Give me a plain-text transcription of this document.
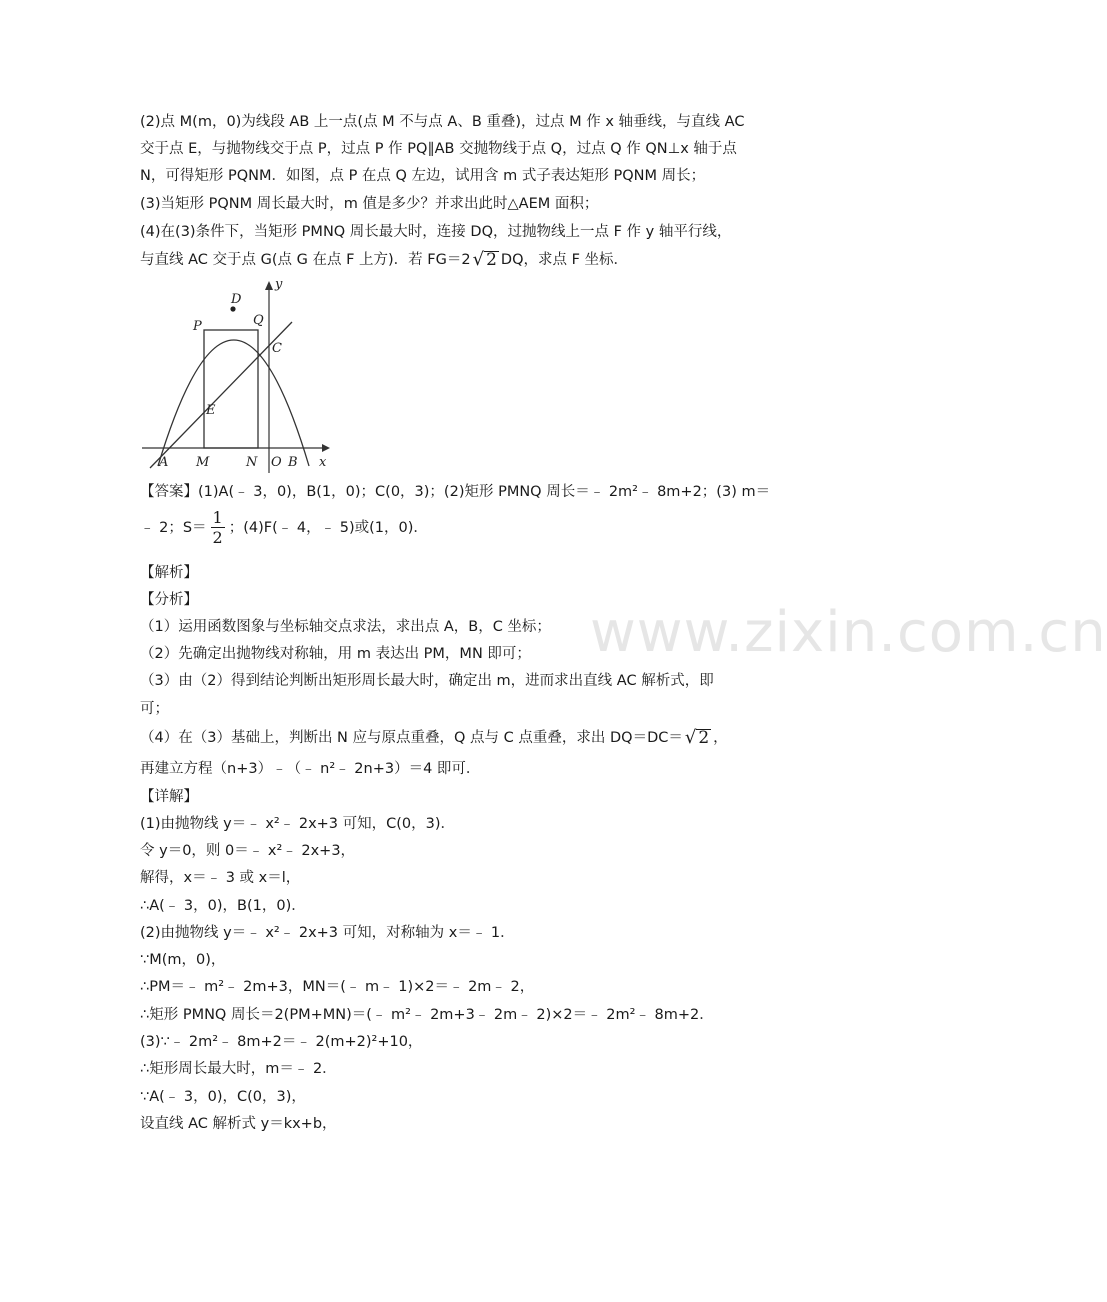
www.zixin.com.cn
(2)点 M(m，0)为线段 AB 上一点(点 M 不与点 A、B 重叠)，过点 M 作 x 轴垂线，与直线 AC
交于点 E，与抛物线交于点 P，过点 P 作 PQ∥AB 交抛物线于点 Q，过点 Q 作 QN⊥x 轴于点
N，可得矩形 PQNM．如图，点 P 在点 Q 左边，试用含 m 式子表达矩形 PQNM 周长；
(3)当矩形 PQNM 周长最大时，m 值是多少？并求出此时△AEM 面积；
(4)在(3)条件下，当矩形 PMNQ 周长最大时，连接 DQ，过抛物线上一点 F 作 y 轴平行线，
与直线 AC 交于点 G(点 G 在点 F 上方)．若 FG＝2 √ 2 DQ，求点 F 坐标．
D
P	Q
C
E
A M	N O B x
y
【答案】(1)A(﹣ 3，0)，B(1，0)；C(0，3)；(2)矩形 PMNQ 周长＝﹣ 2m²﹣ 8m+2；(3) m＝
﹣ 2；$S= \frac{1}{2}$ ；(4)F(﹣ 4，﹣ 5)或(1，0)．
【解析】
【分析】
（1）运用函数图象与坐标轴交点求法，求出点 A，B，C 坐标；
（2）先确定出抛物线对称轴，用 m 表达出 PM，MN 即可；
（3）由（2）得到结论判断出矩形周长最大时，确定出 m，进而求出直线 AC 解析式，即
可；
（4）在（3）基础上，判断出 N 应与原点重叠，Q 点与 C 点重叠，求出 DQ＝DC＝ √ 2 ，
再建立方程（n+3）﹣（﹣ n²﹣ 2n+3）＝4 即可．
【详解】
(1)由抛物线 y＝﹣ x²﹣ 2x+3 可知，C(0，3)．
令 y＝0，则 0＝﹣ x²﹣ 2x+3，
解得，x＝﹣ 3 或 x＝l，
∴A(﹣ 3，0)，B(1，0)．
(2)由抛物线 y＝﹣ x²﹣ 2x+3 可知，对称轴为 x＝﹣ 1．
∵M(m，0)，
∴PM＝﹣ m²﹣ 2m+3，MN＝(﹣ m﹣ 1)×2＝﹣ 2m﹣ 2，
∴矩形 PMNQ 周长＝2(PM+MN)＝(﹣ m²﹣ 2m+3﹣ 2m﹣ 2)×2＝﹣ 2m²﹣ 8m+2．
(3)∵﹣ 2m²﹣ 8m+2＝﹣ 2(m+2)²+10，
∴矩形周长最大时，m＝﹣ 2．
∵A(﹣ 3，0)，C(0，3)，
设直线 AC 解析式 y＝kx+b，
